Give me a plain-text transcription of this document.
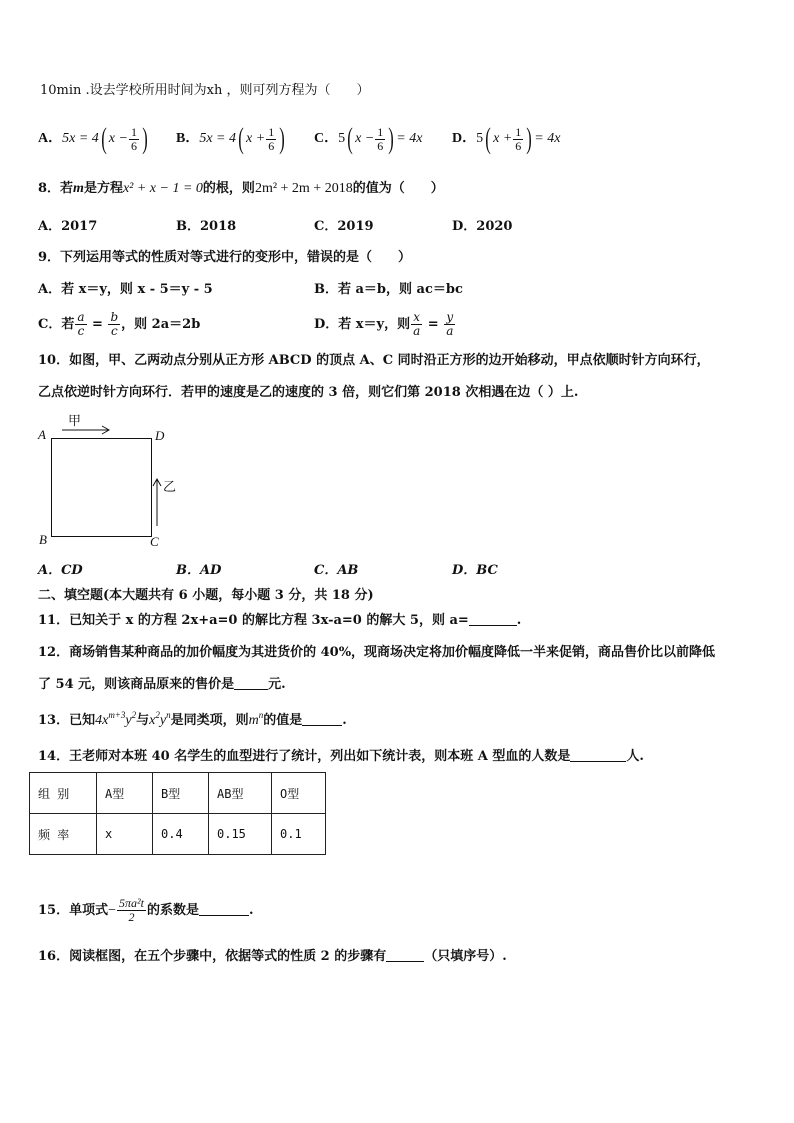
10min .设去学校所用时间为xh ，则可列方程为（　　）
A．5x = 4( $x - \frac{1}{6}$ ) B．5x = 4( $x + \frac{1}{6}$ ) C．5( $x - \frac{1}{6}$ ) = 4x D．5( $x + \frac{1}{6}$ ) = 4x
8．若m是方程x² + x − 1 = 0的根，则2m² + 2m + 2018的值为（　　）
A．2017	B．2018	C．2019	D．2020
9．下列运用等式的性质对等式进行的变形中，错误的是（　　）
A．若 x＝y，则 x - 5＝y - 5	B．若 a＝b，则 ac＝bc
C．若 $\frac{a}{c} = \frac{b}{c}$ ，则 2a＝2b	D．若 x＝y，则 $\frac{x}{a} = \frac{y}{a}$
10．如图，甲、乙两动点分别从正方形 ABCD 的顶点 A、C 同时沿正方形的边开始移动，甲点依顺时针方向环行，
乙点依逆时针方向环行．若甲的速度是乙的速度的 3 倍，则它们第 2018 次相遇在边（ ）上.
A	D
B	C
甲
乙
A．CD	B．AD	C．AB	D．BC
二、填空题(本大题共有 6 小题，每小题 3 分，共 18 分)
11．已知关于 x 的方程 2x+a=0 的解比方程 3x-a=0 的解大 5，则 a=	.
12．商场销售某种商品的加价幅度为其进货价的 40%，现商场决定将加价幅度降低一半来促销，商品售价比以前降低
了 54 元，则该商品原来的售价是	元.
13．已知$4x^{m+3}y^2$与$x^2y^n$是同类项，则$m^n$的值是	.
14．王老师对本班 40 名学生的血型进行了统计，列出如下统计表，则本班 A 型血的人数是	人.
组 别	A型	B型	AB型	O型
频 率	x	0.4	0.15	0.1
15．单项式− $\frac{\text{5πa²t}}{2}$ 的系数是	.
16．阅读框图，在五个步骤中，依据等式的性质 2 的步骤有	（只填序号）.
